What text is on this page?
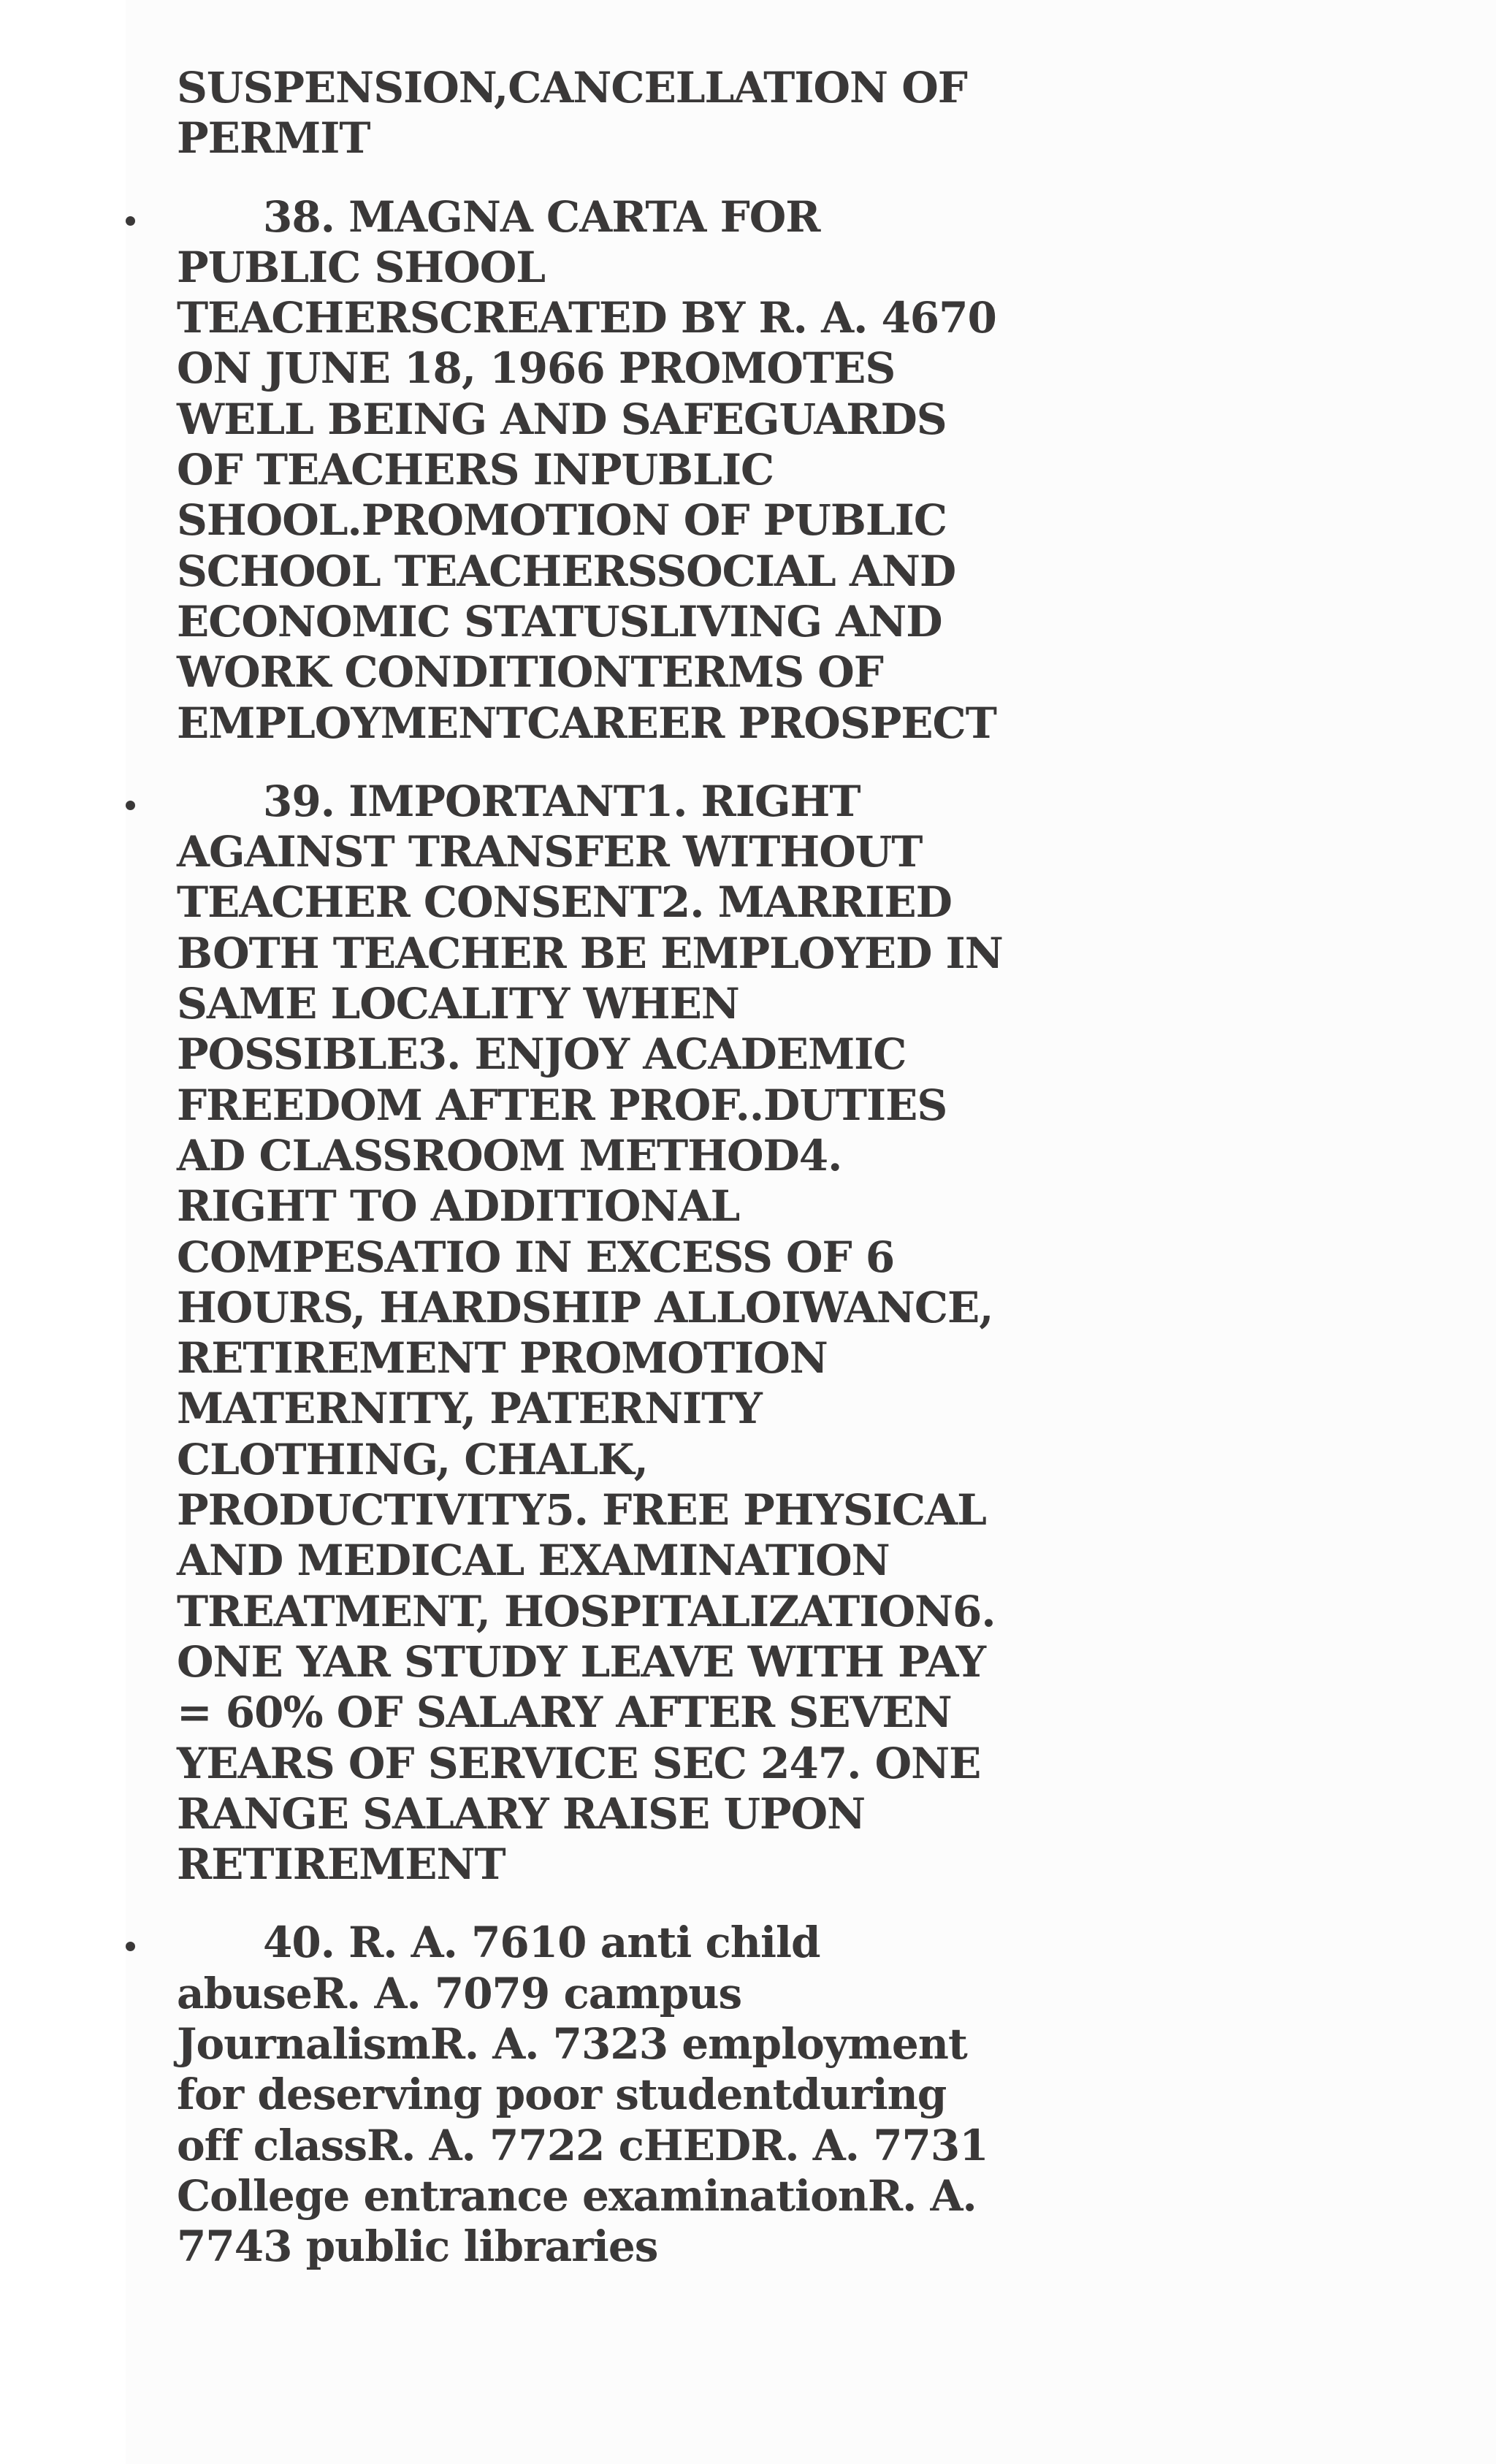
SUSPENSION,CANCELLATION OF PERMIT

38. MAGNA CARTA FOR PUBLIC SHOOL TEACHERSCREATED BY R. A. 4670 ON JUNE 18, 1966 PROMOTES WELL BEING AND SAFEGUARDS OF TEACHERS INPUBLIC SHOOL.PROMOTION OF PUBLIC SCHOOL TEACHERSSOCIAL AND ECONOMIC STATUSLIVING AND WORK CONDITIONTERMS OF EMPLOYMENTCAREER PROSPECT
39. IMPORTANT1. RIGHT AGAINST TRANSFER WITHOUT TEACHER CONSENT2. MARRIED BOTH TEACHER BE EMPLOYED IN SAME LOCALITY WHEN POSSIBLE3. ENJOY ACADEMIC FREEDOM AFTER PROF..DUTIES AD CLASSROOM METHOD4. RIGHT TO ADDITIONAL COMPESATIO IN EXCESS OF 6 HOURS, HARDSHIP ALLOIWANCE, RETIREMENT PROMOTION MATERNITY, PATERNITY CLOTHING, CHALK, PRODUCTIVITY5. FREE PHYSICAL AND MEDICAL EXAMINATION TREATMENT, HOSPITALIZATION6. ONE YAR STUDY LEAVE WITH PAY = 60% OF SALARY AFTER SEVEN YEARS OF SERVICE SEC 247. ONE RANGE SALARY RAISE UPON RETIREMENT
40. R. A. 7610 anti child abuseR. A. 7079 campus JournalismR. A. 7323 employment for deserving poor studentduring off classR. A. 7722 cHEDR. A. 7731 College entrance examinationR. A. 7743 public libraries
